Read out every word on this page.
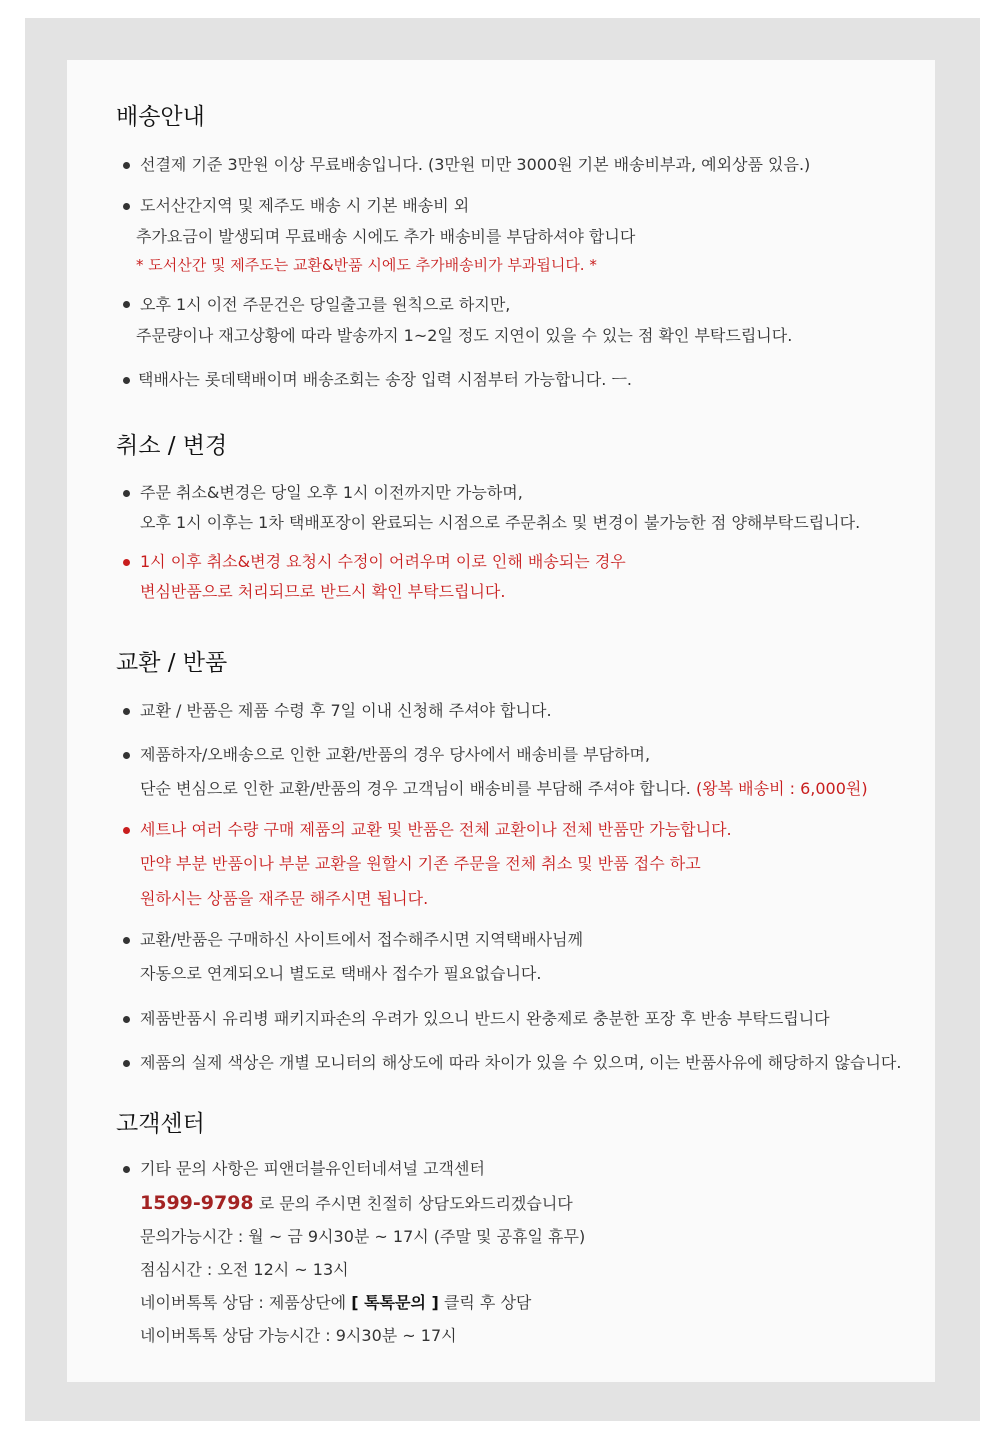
배송안내

선결제 기준 3만원 이상 무료배송입니다. (3만원 미만 3000원 기본 배송비부과, 예외상품 있음.)

도서산간지역 및 제주도 배송 시 기본 배송비 외

추가요금이 발생되며 무료배송 시에도 추가 배송비를 부담하셔야 합니다

* 도서산간 및 제주도는 교환&반품 시에도 추가배송비가 부과됩니다. *

오후 1시 이전 주문건은 당일출고를 원칙으로 하지만,

주문량이나 재고상황에 따라 발송까지 1~2일 정도 지연이 있을 수 있는 점 확인 부탁드립니다.

택배사는 롯데택배이며 배송조회는 송장 입력 시점부터 가능합니다. ㅡ.

취소 / 변경

주문 취소&변경은 당일 오후 1시 이전까지만 가능하며,

오후 1시 이후는 1차 택배포장이 완료되는 시점으로 주문취소 및 변경이 불가능한 점 양해부탁드립니다.

1시 이후 취소&변경 요청시 수정이 어려우며 이로 인해 배송되는 경우

변심반품으로 처리되므로 반드시 확인 부탁드립니다.

교환 / 반품

교환 / 반품은 제품 수령 후 7일 이내 신청해 주셔야 합니다.

제품하자/오배송으로 인한 교환/반품의 경우 당사에서 배송비를 부담하며,

단순 변심으로 인한 교환/반품의 경우 고객님이 배송비를 부담해 주셔야 합니다. (왕복 배송비 : 6,000원)

세트나 여러 수량 구매 제품의 교환 및 반품은 전체 교환이나 전체 반품만 가능합니다.

만약 부분 반품이나 부분 교환을 원할시 기존 주문을 전체 취소 및 반품 접수 하고

원하시는 상품을 재주문 해주시면 됩니다.

교환/반품은 구매하신 사이트에서 접수해주시면 지역택배사님께

자동으로 연계되오니 별도로 택배사 접수가 필요없습니다.

제품반품시 유리병 패키지파손의 우려가 있으니 반드시 완충제로 충분한 포장 후 반송 부탁드립니다

제품의 실제 색상은 개별 모니터의 해상도에 따라 차이가 있을 수 있으며, 이는 반품사유에 해당하지 않습니다.

고객센터

기타 문의 사항은 피앤더블유인터네셔널 고객센터

1599-9798 로 문의 주시면 친절히 상담도와드리겠습니다

문의가능시간 : 월 ~ 금 9시30분 ~ 17시 (주말 및 공휴일 휴무)

점심시간 : 오전 12시 ~ 13시

네이버톡톡 상담 : 제품상단에 [ 톡톡문의 ] 클릭 후 상담

네이버톡톡 상담 가능시간 : 9시30분 ~ 17시
